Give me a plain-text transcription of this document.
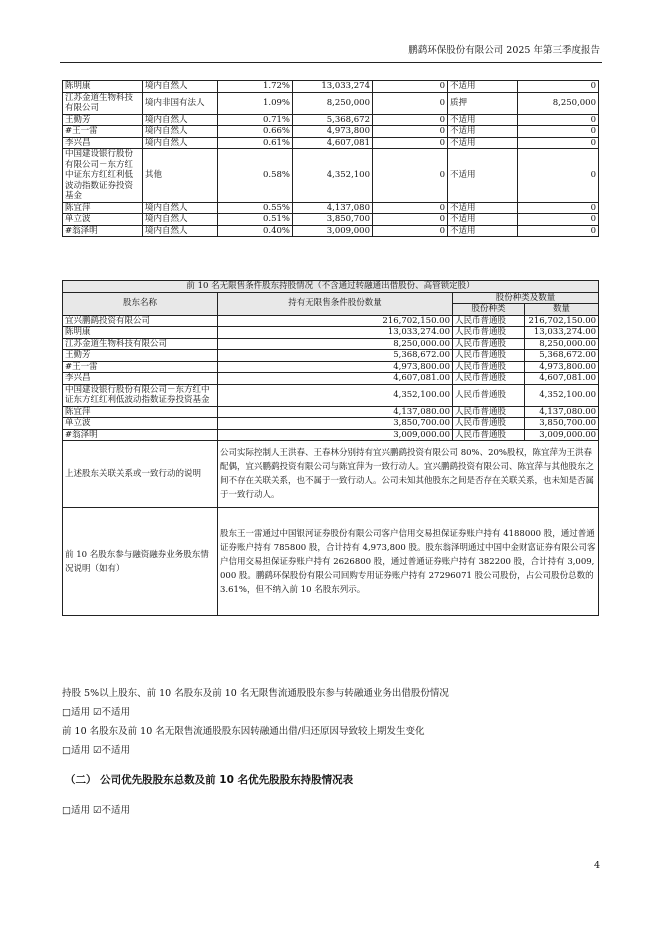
鹏鹞环保股份有限公司 2025 年第三季度报告
陈明康	境内自然人	1.72%	13,033,274	0	不适用	0
江苏金道生物科技有限公司	境内非国有法人	1.09%	8,250,000	0	质押	8,250,000
王勤芳	境内自然人	0.71%	5,368,672	0	不适用	0
#王一雷	境内自然人	0.66%	4,973,800	0	不适用	0
李兴昌	境内自然人	0.61%	4,607,081	0	不适用	0
中国建设银行股份有限公司－东方红中证东方红红利低波动指数证券投资基金	其他	0.58%	4,352,100	0	不适用	0
陈宜萍	境内自然人	0.55%	4,137,080	0	不适用	0
单立波	境内自然人	0.51%	3,850,700	0	不适用	0
#翁泽明	境内自然人	0.40%	3,009,000	0	不适用	0
前 10 名无限售条件股东持股情况（不含通过转融通出借股份、高管锁定股）			
股东名称	持有无限售条件股份数量	股份种类及数量	
		股份种类	数量
宜兴鹏鹞投资有限公司	216,702,150.00	人民币普通股	216,702,150.00
陈明康	13,033,274.00	人民币普通股	13,033,274.00
江苏金道生物科技有限公司	8,250,000.00	人民币普通股	8,250,000.00
王勤芳	5,368,672.00	人民币普通股	5,368,672.00
#王一雷	4,973,800.00	人民币普通股	4,973,800.00
李兴昌	4,607,081.00	人民币普通股	4,607,081.00
中国建设银行股份有限公司－东方红中证东方红红利低波动指数证券投资基金	4,352,100.00	人民币普通股	4,352,100.00
陈宜萍	4,137,080.00	人民币普通股	4,137,080.00
单立波	3,850,700.00	人民币普通股	3,850,700.00
#翁泽明	3,009,000.00	人民币普通股	3,009,000.00
上述股东关联关系或一致行动的说明	公司实际控制人王洪春、王春林分别持有宜兴鹏鹞投资有限公司 80%、20%股权，陈宜萍为王洪春配偶，宜兴鹏鹞投资有限公司与陈宜萍为一致行动人。宜兴鹏鹞投资有限公司、陈宜萍与其他股东之间不存在关联关系，也不属于一致行动人。公司未知其他股东之间是否存在关联关系，也未知是否属于一致行动人。		
前 10 名股东参与融资融券业务股东情况说明（如有）	股东王一雷通过中国银河证券股份有限公司客户信用交易担保证券账户持有 4188000 股，通过普通证券账户持有 785800 股，合计持有 4,973,800 股。股东翁泽明通过中国中金财富证券有限公司客户信用交易担保证券账户持有 2626800 股，通过普通证券账户持有 382200 股，合计持有 3,009,000 股。鹏鹞环保股份有限公司回购专用证券账户持有 27296071 股公司股份，占公司股份总数的 3.61%，但不纳入前 10 名股东列示。		
持股 5%以上股东、前 10 名股东及前 10 名无限售流通股股东参与转融通业务出借股份情况
□适用 ☑不适用
前 10 名股东及前 10 名无限售流通股股东因转融通出借/归还原因导致较上期发生变化
□适用 ☑不适用
（二） 公司优先股股东总数及前 10 名优先股股东持股情况表
□适用 ☑不适用
4
